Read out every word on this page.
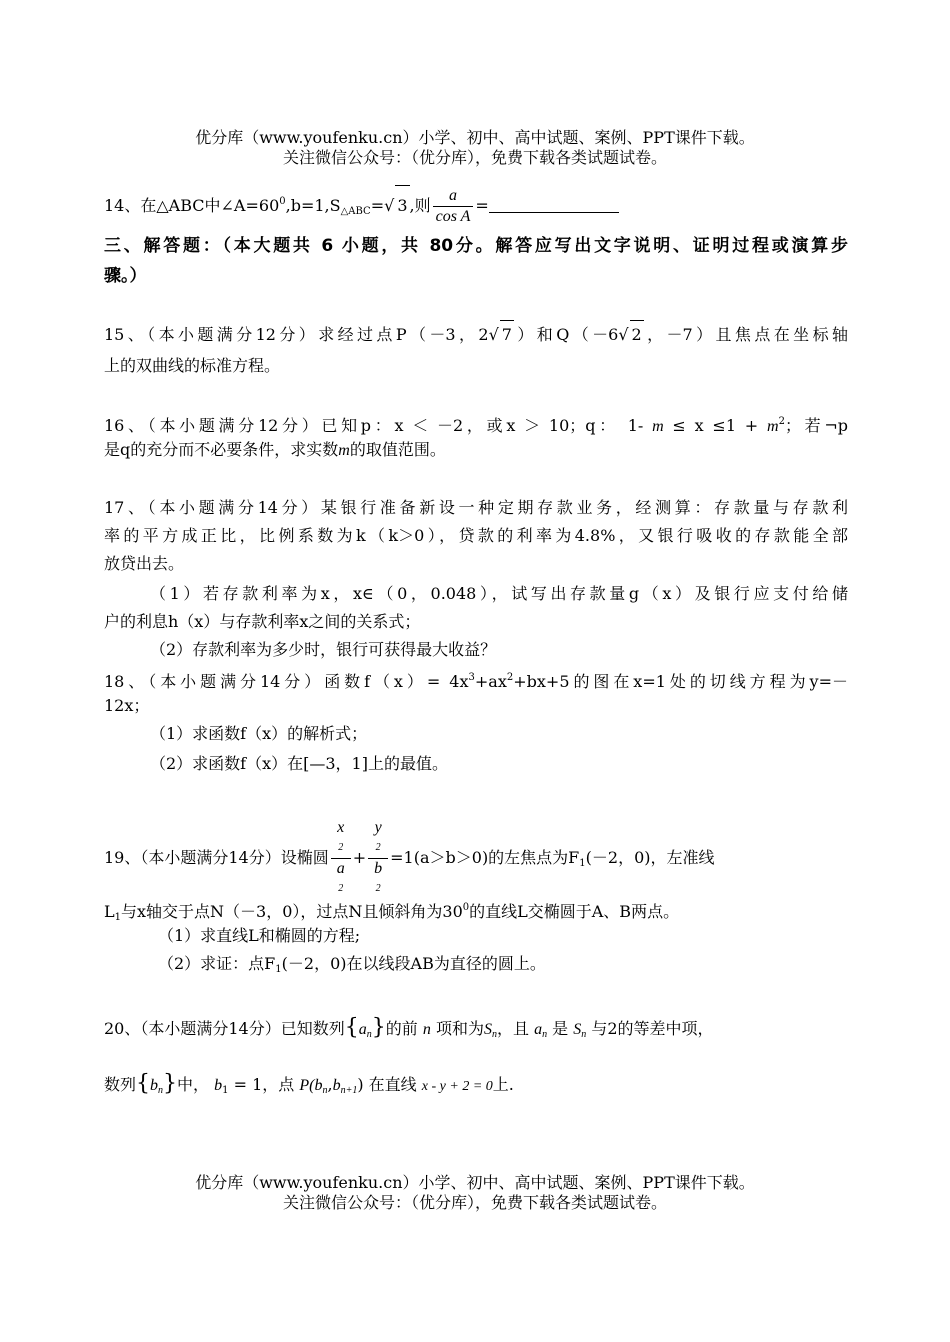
优分库（www.youfenku.cn）小学、初中、高中试题、案例、PPT课件下载。
关注微信公众号：（优分库），免费下载各类试题试卷。
14、在△ABC中$\angle A=60^0,b=1,S_{\triangle ABC}=√$ 3 ,则 $\frac{a}{\text{cos A}}$ =
三、解答题：（本大题共 6 小题，共 80分。解答应写出文字说明、证明过程或演算步
骤。）
15、（本小题满分12分）求经过点P（－3，2√ 7 ）和Q（－6√ 2 ，－7）且焦点在坐标轴
上的双曲线的标准方程。
16、（本小题满分12分）已知p：x ＜ －2，或x ＞ 10；q： 1- $m \le x \le 1 + m^2$；若¬p
是q的充分而不必要条件，求实数m的取值范围。
17、（本小题满分14分）某银行准备新设一种定期存款业务，经测算：存款量与存款利
率的平方成正比，比例系数为k（k＞0），贷款的利率为4.8%，又银行吸收的存款能全部
放贷出去。
（1）若存款利率为x，x∈（0，0.048），试写出存款量g（x）及银行应支付给储
户的利息h（x）与存款利率x之间的关系式；
（2）存款利率为多少时，银行可获得最大收益？
18、（本小题满分14分）函数$f(x)= 4x^3+ax^2+bx+5$的图在x=1处的切线方程为y=－
12x；
（1）求函数f（x）的解析式；
（2）求函数f（x）在[—3，1]上的最值。
19、（本小题满分14分）设椭圆 x
2
a
2 + y
2
b
2 =1(a＞b＞0)的左焦点为$F_1(-2$，0)，左准线
$L_1$与x轴交于点N（－3，0），过点N且倾斜角为$30^0$的直线L交椭圆于A、B两点。
（1）求直线L和椭圆的方程;
（2）求证：点$F_1(-2$，0)在以线段AB为直径的圆上。
20、（本小题满分14分）已知数列$\{a_n\}$的前 n 项和为$S_n$，且 $a_n$ 是 $S_n$ 与2的等差中项，
数列$\{b_n\}$中， $b_1 = 1$，点 $P(b_n,b_{n+1})$ 在直线 x - y + 2 = 0上.
优分库（www.youfenku.cn）小学、初中、高中试题、案例、PPT课件下载。
关注微信公众号：（优分库），免费下载各类试题试卷。
